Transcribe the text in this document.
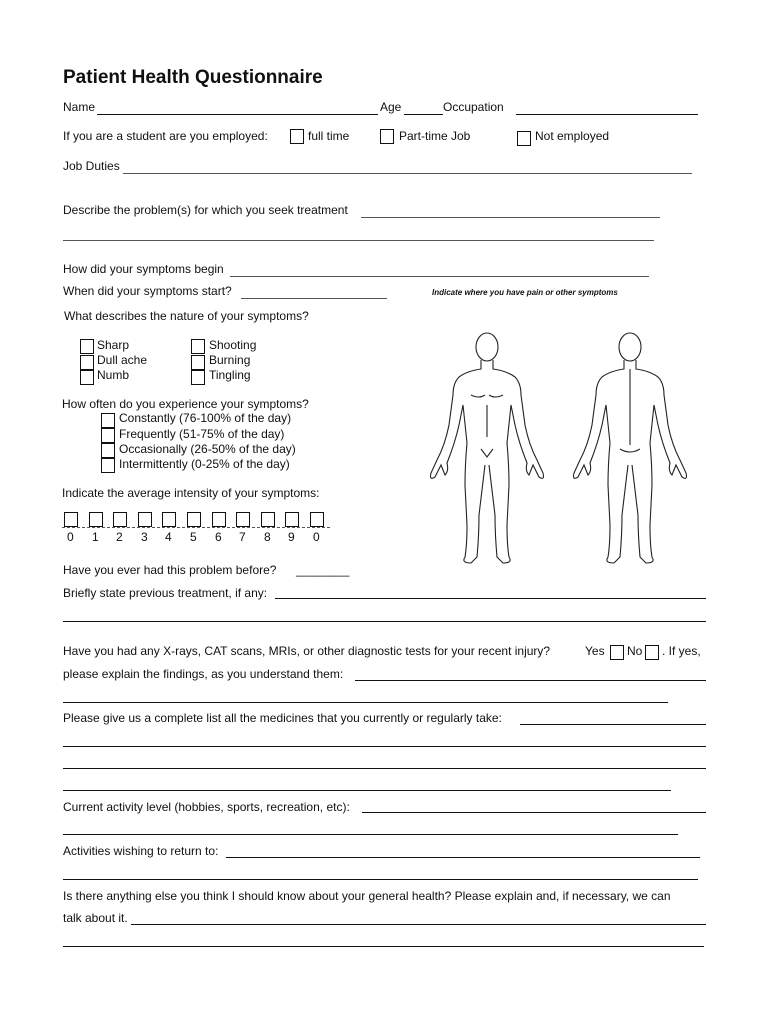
Patient Health Questionnaire
Name	Age	Occupation
If you are a student are you employed:	full time	Part-time Job	Not employed
Job Duties
Describe the problem(s) for which you seek treatment
How did your symptoms begin
When did your symptoms start?	Indicate where you have pain or other symptoms
What describes the nature of your symptoms?
Sharp
Dull ache
Numb
Shooting
Burning
Tingling
How often do you experience your symptoms?
Constantly (76-100% of the day)
Frequently (51-75% of the day)
Occasionally (26-50% of the day)
Intermittently (0-25% of the day)
Indicate the average intensity of your symptoms:
0 1 2 3 4 5 6 7 8 9 0
Have you ever had this problem before? ________
Briefly state previous treatment, if any:
Have you had any X-rays, CAT scans, MRIs, or other diagnostic tests for your recent injury?	Yes No . If yes,
please explain the findings, as you understand them:
Please give us a complete list all the medicines that you currently or regularly take:
Current activity level (hobbies, sports, recreation, etc):
Activities wishing to return to:
Is there anything else you think I should know about your general health? Please explain and, if necessary, we can
talk about it.
